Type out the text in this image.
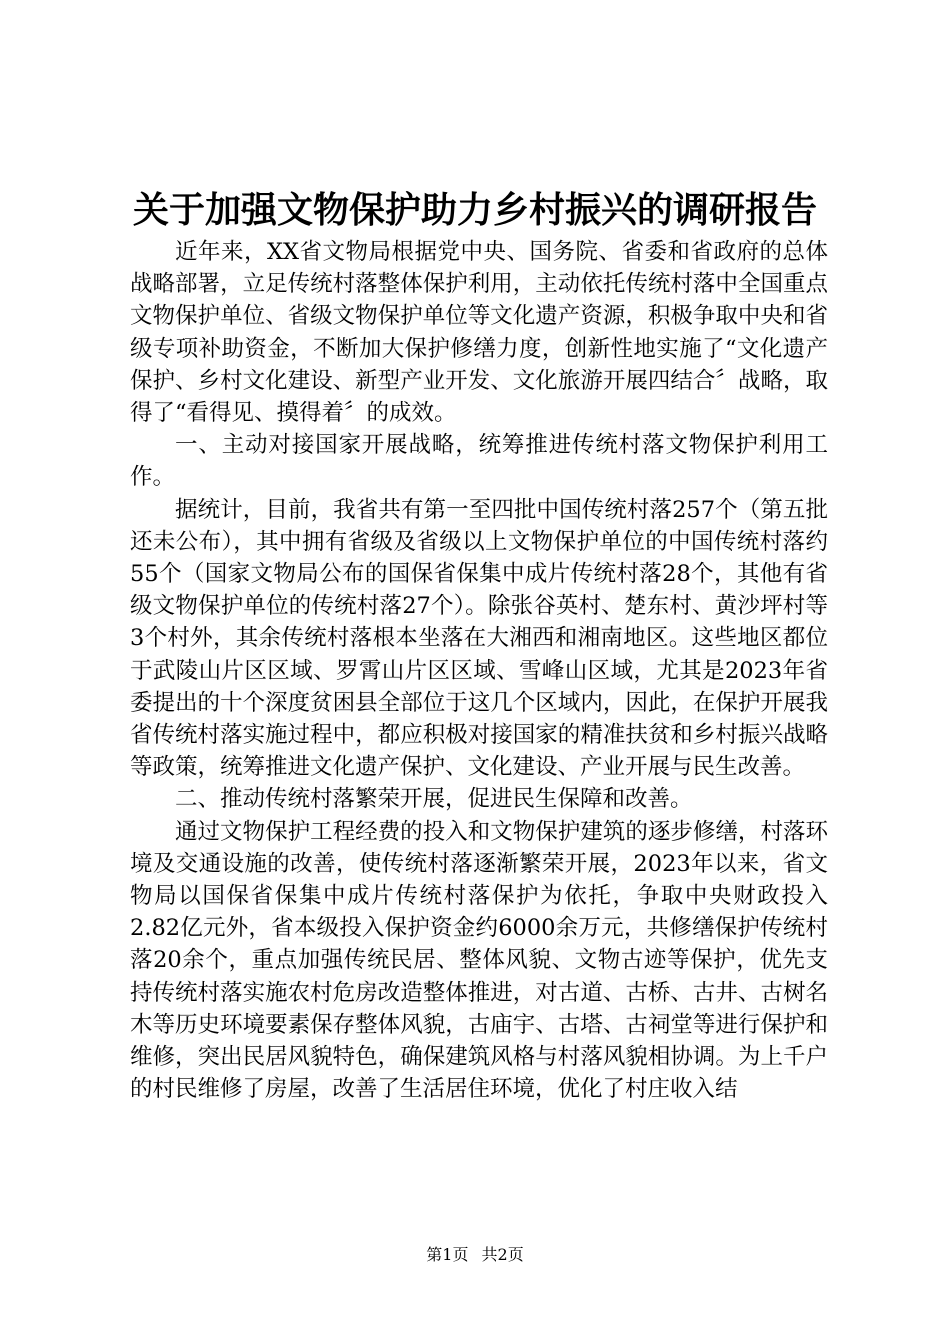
关于加强文物保护助力乡村振兴的调研报告

近年来，XX省文物局根据党中央、国务院、省委和省政府的总体战略部署，立足传统村落整体保护利用，主动依托传统村落中全国重点文物保护单位、省级文物保护单位等文化遗产资源，积极争取中央和省级专项补助资金，不断加大保护修缮力度，创新性地实施了“文化遗产保护、乡村文化建设、新型产业开发、文化旅游开展四结合〞战略，取得了“看得见、摸得着〞的成效。

一、主动对接国家开展战略，统筹推进传统村落文物保护利用工作。

据统计，目前，我省共有第一至四批中国传统村落257个（第五批还未公布），其中拥有省级及省级以上文物保护单位的中国传统村落约55个（国家文物局公布的国保省保集中成片传统村落28个，其他有省级文物保护单位的传统村落27个）。除张谷英村、楚东村、黄沙坪村等3个村外，其余传统村落根本坐落在大湘西和湘南地区。这些地区都位于武陵山片区区域、罗霄山片区区域、雪峰山区域，尤其是2023年省委提出的十个深度贫困县全部位于这几个区域内，因此，在保护开展我省传统村落实施过程中，都应积极对接国家的精准扶贫和乡村振兴战略等政策，统筹推进文化遗产保护、文化建设、产业开展与民生改善。

二、推动传统村落繁荣开展，促进民生保障和改善。

通过文物保护工程经费的投入和文物保护建筑的逐步修缮，村落环境及交通设施的改善，使传统村落逐渐繁荣开展，2023年以来，省文物局以国保省保集中成片传统村落保护为依托，争取中央财政投入2.82亿元外，省本级投入保护资金约6000余万元，共修缮保护传统村落20余个，重点加强传统民居、整体风貌、文物古迹等保护，优先支持传统村落实施农村危房改造整体推进，对古道、古桥、古井、古树名木等历史环境要素保存整体风貌，古庙宇、古塔、古祠堂等进行保护和维修，突出民居风貌特色，确保建筑风格与村落风貌相协调。为上千户的村民维修了房屋，改善了生活居住环境，优化了村庄收入结

第1页 共2页
